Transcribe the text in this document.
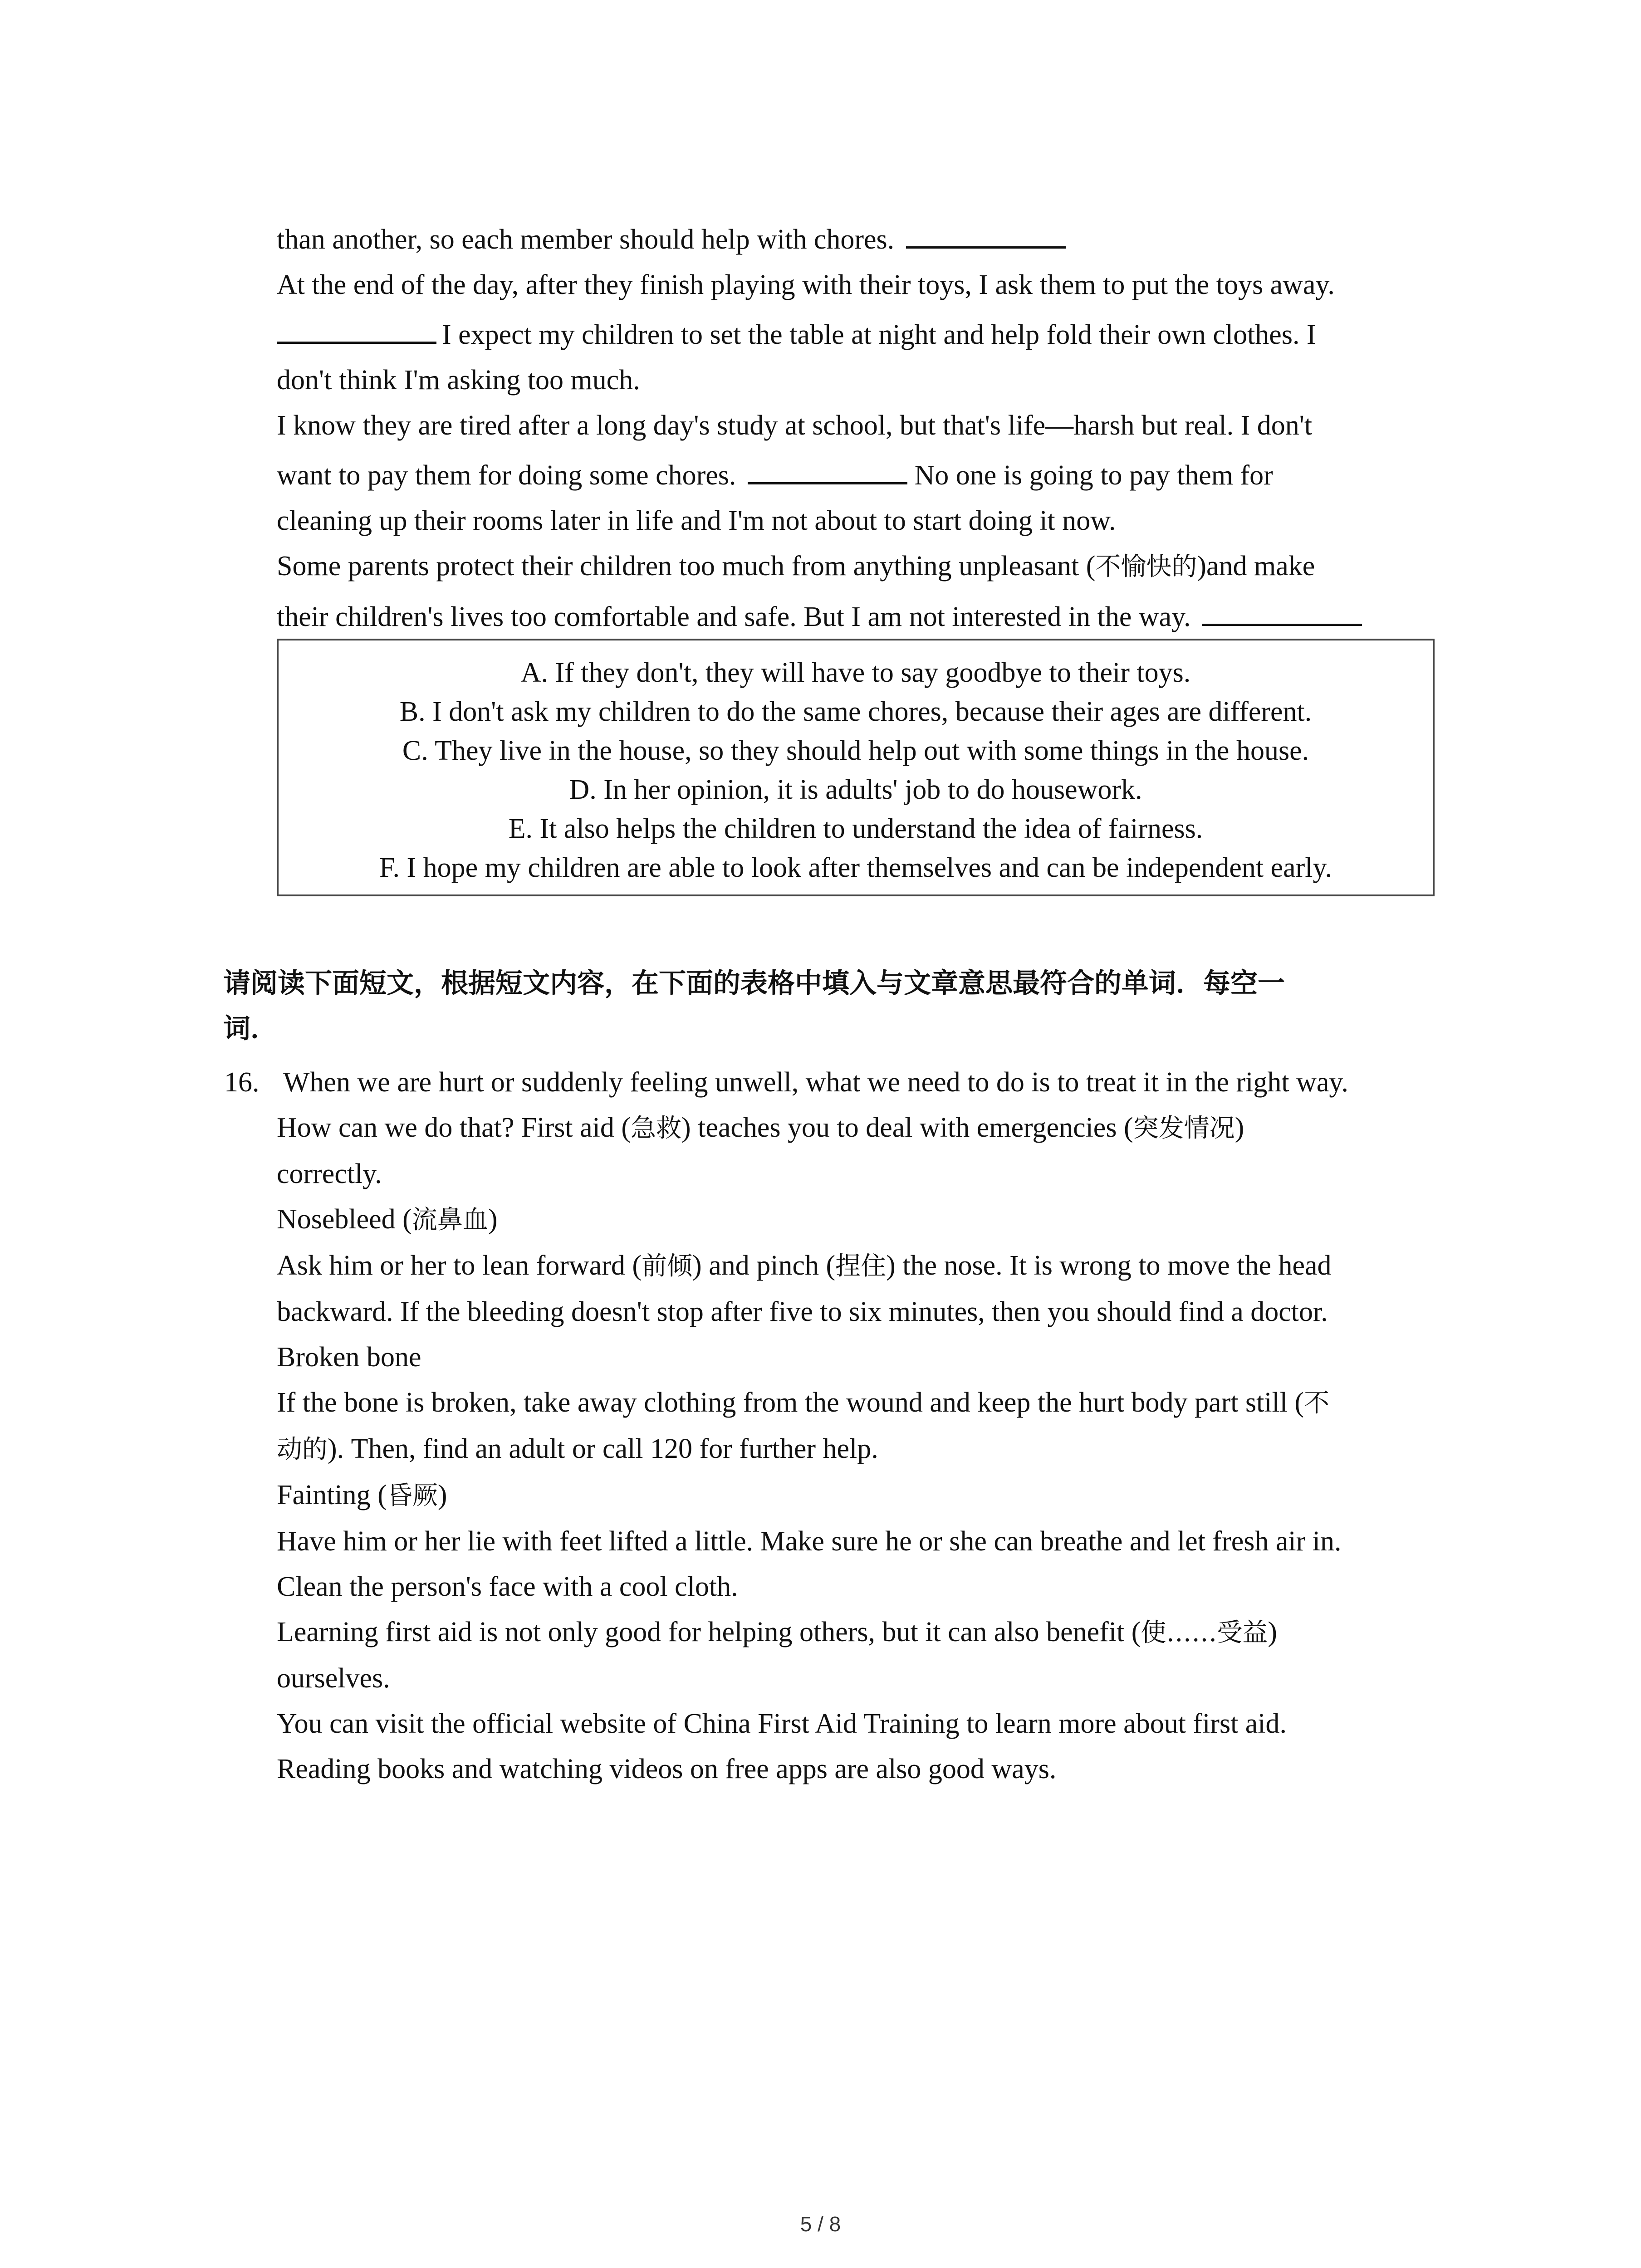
than another, so each member should help with chores.
At the end of the day, after they finish playing with their toys, I ask them to put the toys away.
I expect my children to set the table at night and help fold their own clothes. I
don't think I'm asking too much.
I know they are tired after a long day's study at school, but that's life—harsh but real. I don't
want to pay them for doing some chores.	No one is going to pay them for
cleaning up their rooms later in life and I'm not about to start doing it now.
Some parents protect their children too much from anything unpleasant (不愉快的)and make
their children's lives too comfortable and safe. But I am not interested in the way.
A. If they don't, they will have to say goodbye to their toys.
B. I don't ask my children to do the same chores, because their ages are different.
C. They live in the house, so they should help out with some things in the house.
D. In her opinion, it is adults' job to do housework.
E. It also helps the children to understand the idea of fairness.
F. I hope my children are able to look after themselves and can be independent early.
请阅读下面短文，根据短文内容，在下面的表格中填入与文章意思最符合的单词．每空一
词．
16. When we are hurt or suddenly feeling unwell, what we need to do is to treat it in the right way.
How can we do that? First aid (急救) teaches you to deal with emergencies (突发情况)
correctly.
Nosebleed (流鼻血)
Ask him or her to lean forward (前倾) and pinch (捏住) the nose. It is wrong to move the head
backward. If the bleeding doesn't stop after five to six minutes, then you should find a doctor.
Broken bone
If the bone is broken, take away clothing from the wound and keep the hurt body part still (不
动的). Then, find an adult or call 120 for further help.
Fainting (昏厥)
Have him or her lie with feet lifted a little. Make sure he or she can breathe and let fresh air in.
Clean the person's face with a cool cloth.
Learning first aid is not only good for helping others, but it can also benefit (使……受益)
ourselves.
You can visit the official website of China First Aid Training to learn more about first aid.
Reading books and watching videos on free apps are also good ways.
5 / 8
